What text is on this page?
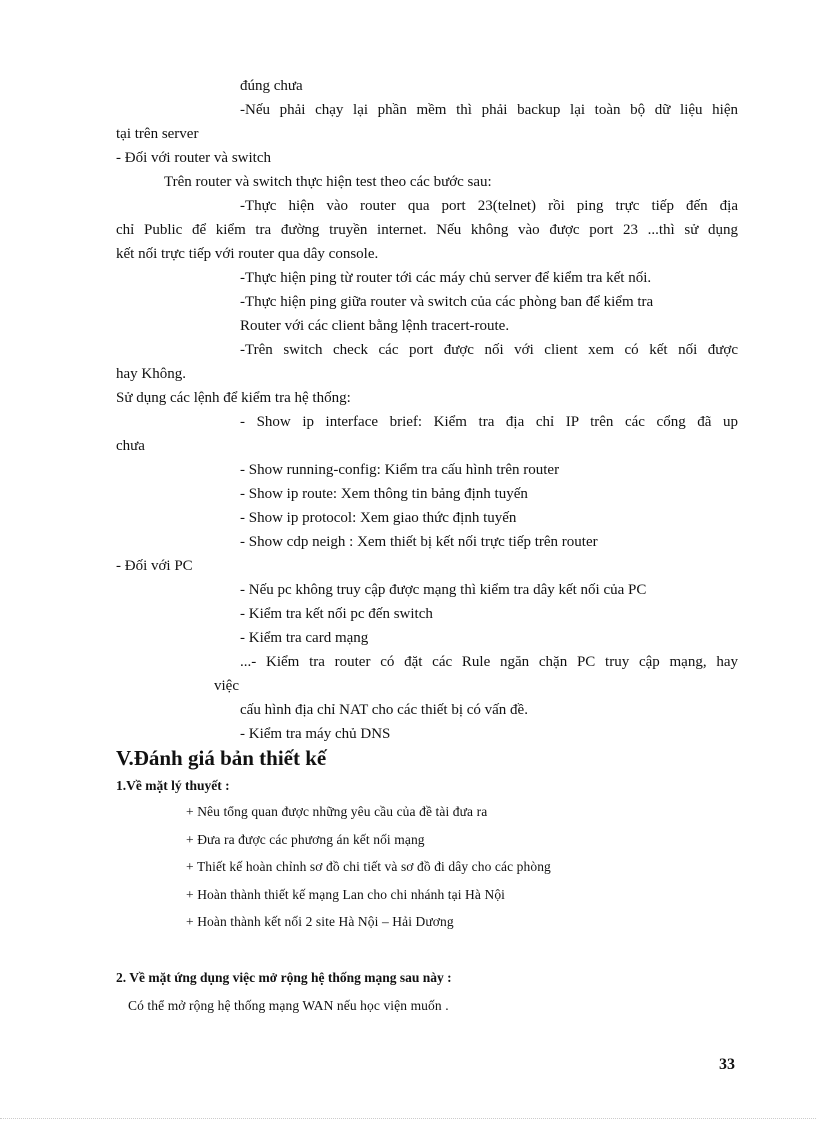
đúng chưa
-Nếu phải chạy lại phần mềm thì phải backup lại toàn bộ dữ liệu hiện
tại trên server
- Đối với router và switch
Trên router và switch thực hiện test theo các bước sau:
-Thực hiện vào router qua port 23(telnet) rồi ping trực tiếp đến địa
chỉ Public để kiểm tra đường truyền internet. Nếu không vào được port 23 ...thì sử dụng
kết nối trực tiếp với router qua dây console.
-Thực hiện ping từ router tới các máy chủ server để kiểm tra kết nối.
-Thực hiện ping giữa router và switch của các phòng ban để kiểm tra
Router với các client bằng lệnh tracert-route.
-Trên switch check các port được nối với client xem có kết nối được
hay Không.
Sử dụng các lệnh để kiểm tra hệ thống:
- Show ip interface brief: Kiểm tra địa chỉ IP trên các cổng đã up
chưa
- Show running-config: Kiểm tra cấu hình trên router
- Show ip route: Xem thông tin bảng định tuyến
- Show ip protocol: Xem giao thức định tuyến
- Show cdp neigh : Xem thiết bị kết nối trực tiếp trên router
- Đối với PC
- Nếu pc không truy cập được mạng thì kiểm tra dây kết nối của PC
- Kiểm tra kết nối pc đến switch
- Kiểm tra card mạng
...- Kiểm tra router có đặt các Rule ngăn chặn PC truy cập mạng, hay
việc
cấu hình địa chỉ NAT cho các thiết bị có vấn đề.
- Kiểm tra máy chủ DNS
V.Đánh giá bản thiết kế
1.Về mặt lý thuyết :
+ Nêu tổng quan được những yêu cầu của đề tài đưa ra
+ Đưa ra được các phương án kết nối mạng
+ Thiết kế hoàn chỉnh sơ đồ chi tiết và sơ đồ đi dây cho các phòng
+ Hoàn thành thiết kế mạng Lan cho chi nhánh tại Hà Nội
+ Hoàn thành kết nối 2 site Hà Nội – Hải Dương
2. Về mặt ứng dụng việc mở rộng hệ thống mạng sau này :
Có thể mở rộng hệ thống mạng WAN nếu học viện muốn .
33
